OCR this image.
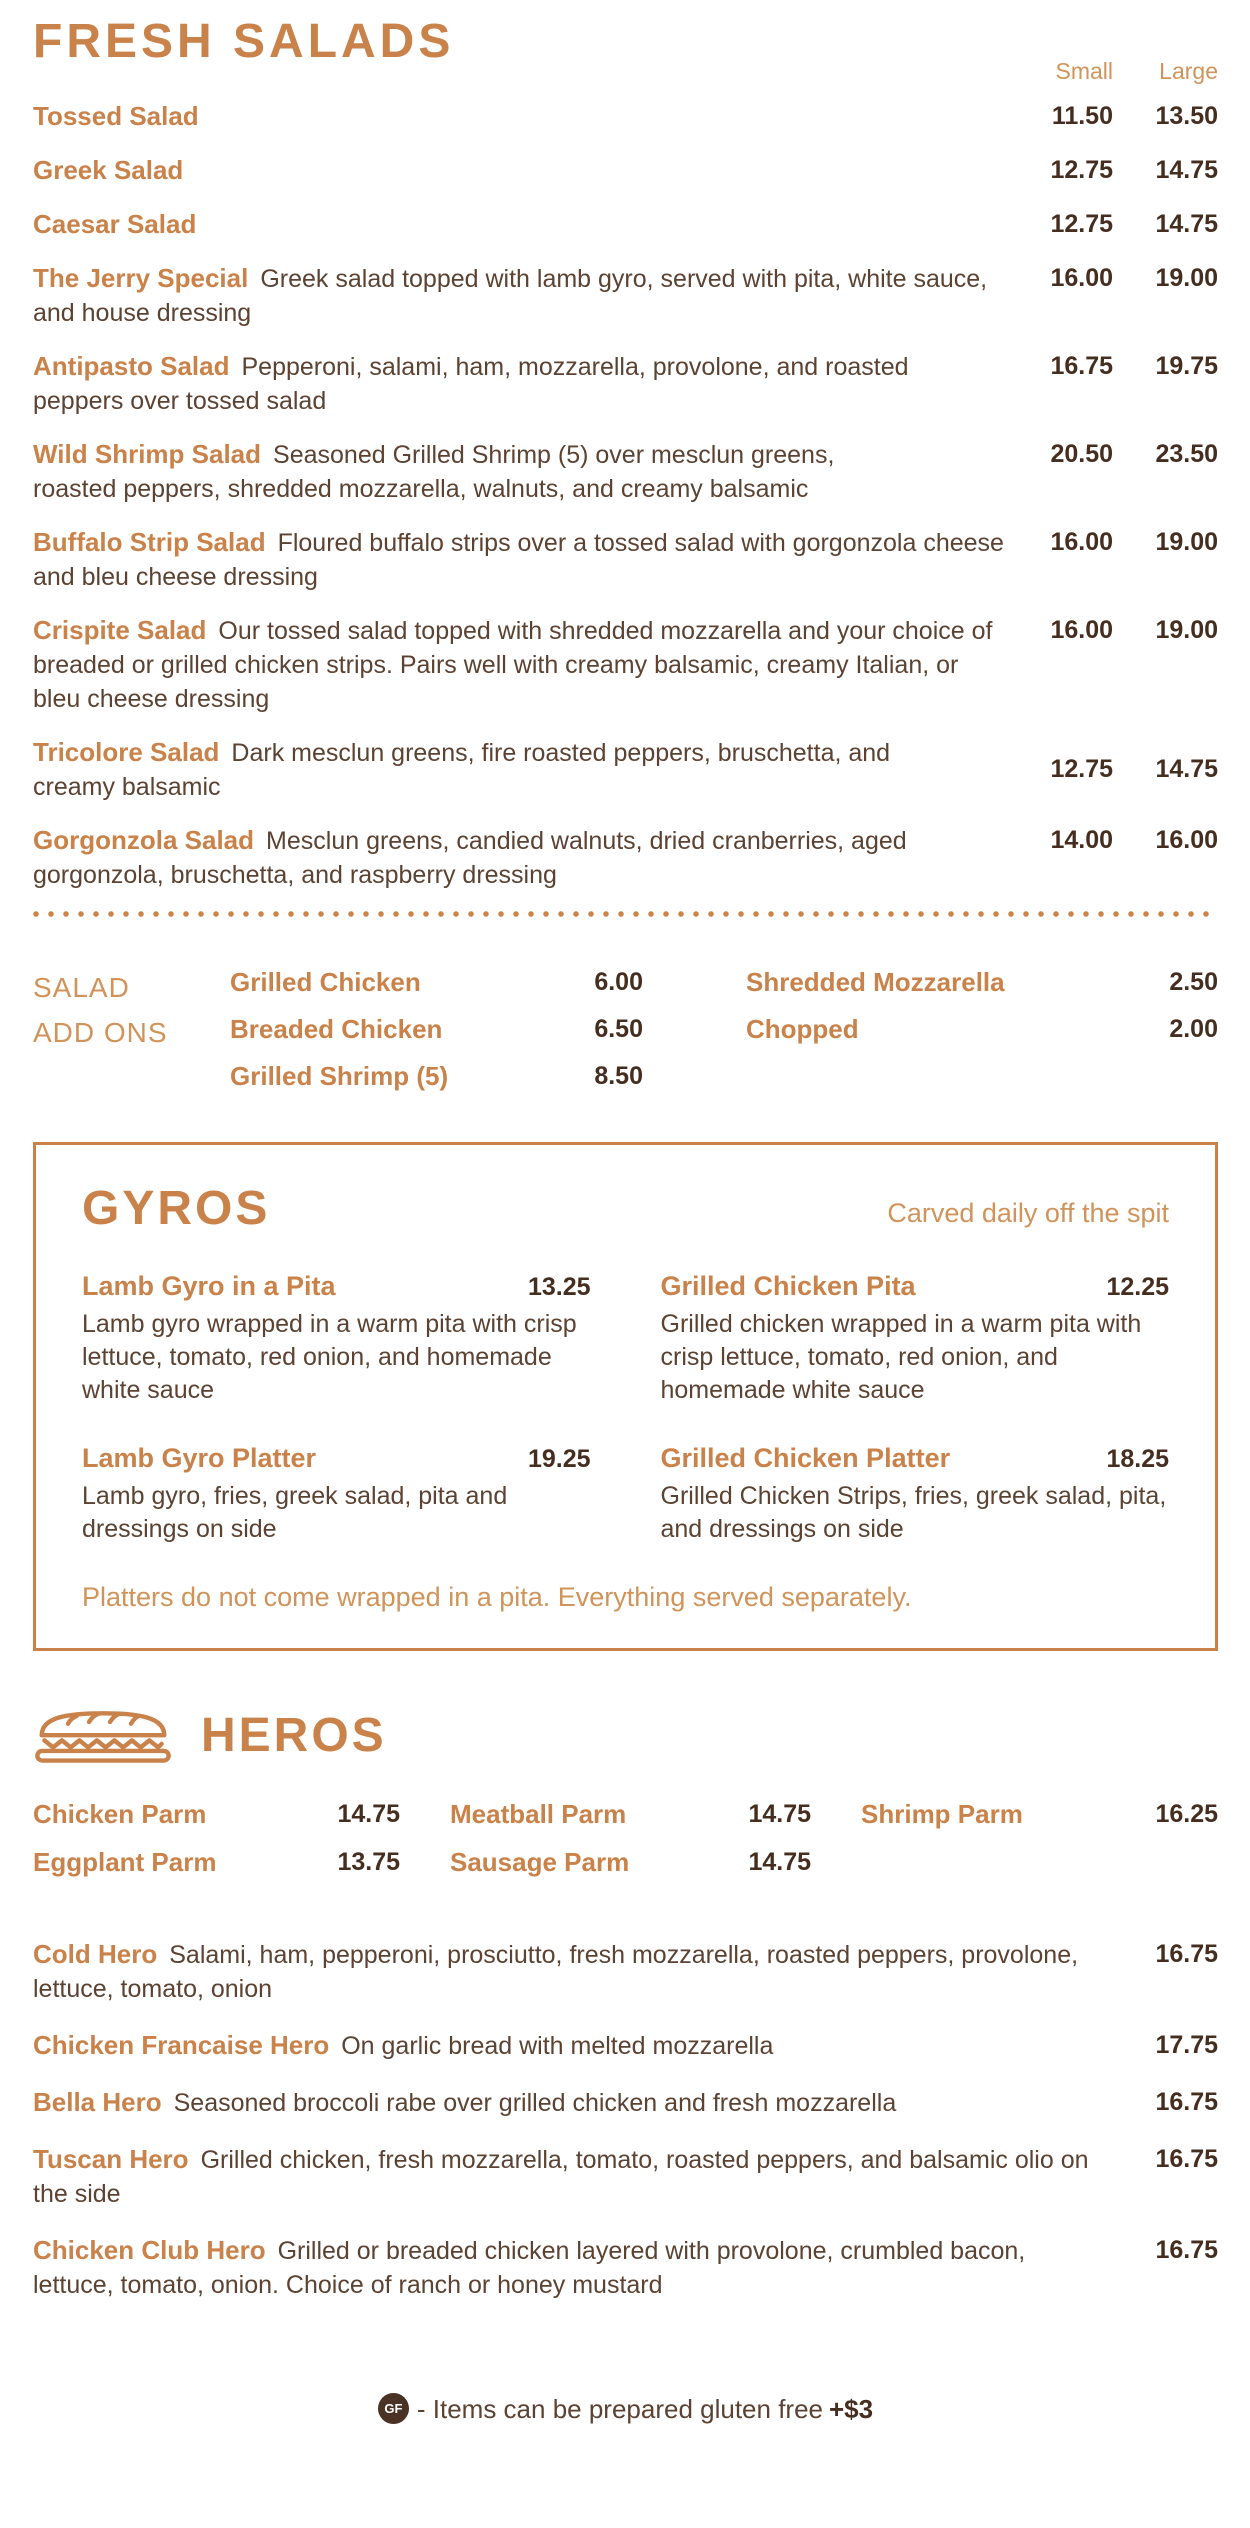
FRESH SALADS
Small	Large
Tossed Salad	11.50	13.50
Greek Salad	12.75	14.75
Caesar Salad	12.75	14.75
The Jerry Special Greek salad topped with lamb gyro, served with pita, white sauce, and house dressing
16.00	19.00
Antipasto Salad Pepperoni, salami, ham, mozzarella, provolone, and roasted peppers over tossed salad
16.75	19.75
Wild Shrimp Salad Seasoned Grilled Shrimp (5) over mesclun greens, roasted peppers, shredded mozzarella, walnuts, and creamy balsamic
20.50	23.50
Buffalo Strip Salad Floured buffalo strips over a tossed salad with gorgonzola cheese and bleu cheese dressing
16.00	19.00
Crispite Salad Our tossed salad topped with shredded mozzarella and your choice of breaded or grilled chicken strips. Pairs well with creamy balsamic, creamy Italian, or bleu cheese dressing
16.00	19.00
Tricolore Salad Dark mesclun greens, fire roasted peppers, bruschetta, and creamy balsamic
12.75	14.75
Gorgonzola Salad Mesclun greens, candied walnuts, dried cranberries, aged gorgonzola, bruschetta, and raspberry dressing
14.00	16.00
SALAD
ADD ONS
Grilled Chicken	6.00
Breaded Chicken	6.50
Grilled Shrimp (5)	8.50
Shredded Mozzarella	2.50
Chopped	2.00
GYROS	Carved daily off the spit
Lamb Gyro in a Pita	13.25
Lamb gyro wrapped in a warm pita with crisp lettuce, tomato, red onion, and homemade white sauce
Grilled Chicken Pita	12.25
Grilled chicken wrapped in a warm pita with crisp lettuce, tomato, red onion, and homemade white sauce
Lamb Gyro Platter	19.25
Lamb gyro, fries, greek salad, pita and dressings on side
Grilled Chicken Platter	18.25
Grilled Chicken Strips, fries, greek salad, pita, and dressings on side

Platters do not come wrapped in a pita. Everything served separately.

HEROS
Chicken Parm	14.75 Meatball Parm	14.75 Shrimp Parm	16.25
Eggplant Parm	13.75 Sausage Parm	14.75
Cold Hero Salami, ham, pepperoni, prosciutto, fresh mozzarella, roasted peppers, provolone, lettuce, tomato, onion
16.75
Chicken Francaise Hero On garlic bread with melted mozzarella	17.75
Bella Hero Seasoned broccoli rabe over grilled chicken and fresh mozzarella	16.75
Tuscan Hero Grilled chicken, fresh mozzarella, tomato, roasted peppers, and balsamic olio on the side
16.75
Chicken Club Hero Grilled or breaded chicken layered with provolone, crumbled bacon, lettuce, tomato, onion. Choice of ranch or honey mustard
16.75
GF - Items can be prepared gluten free +$3
